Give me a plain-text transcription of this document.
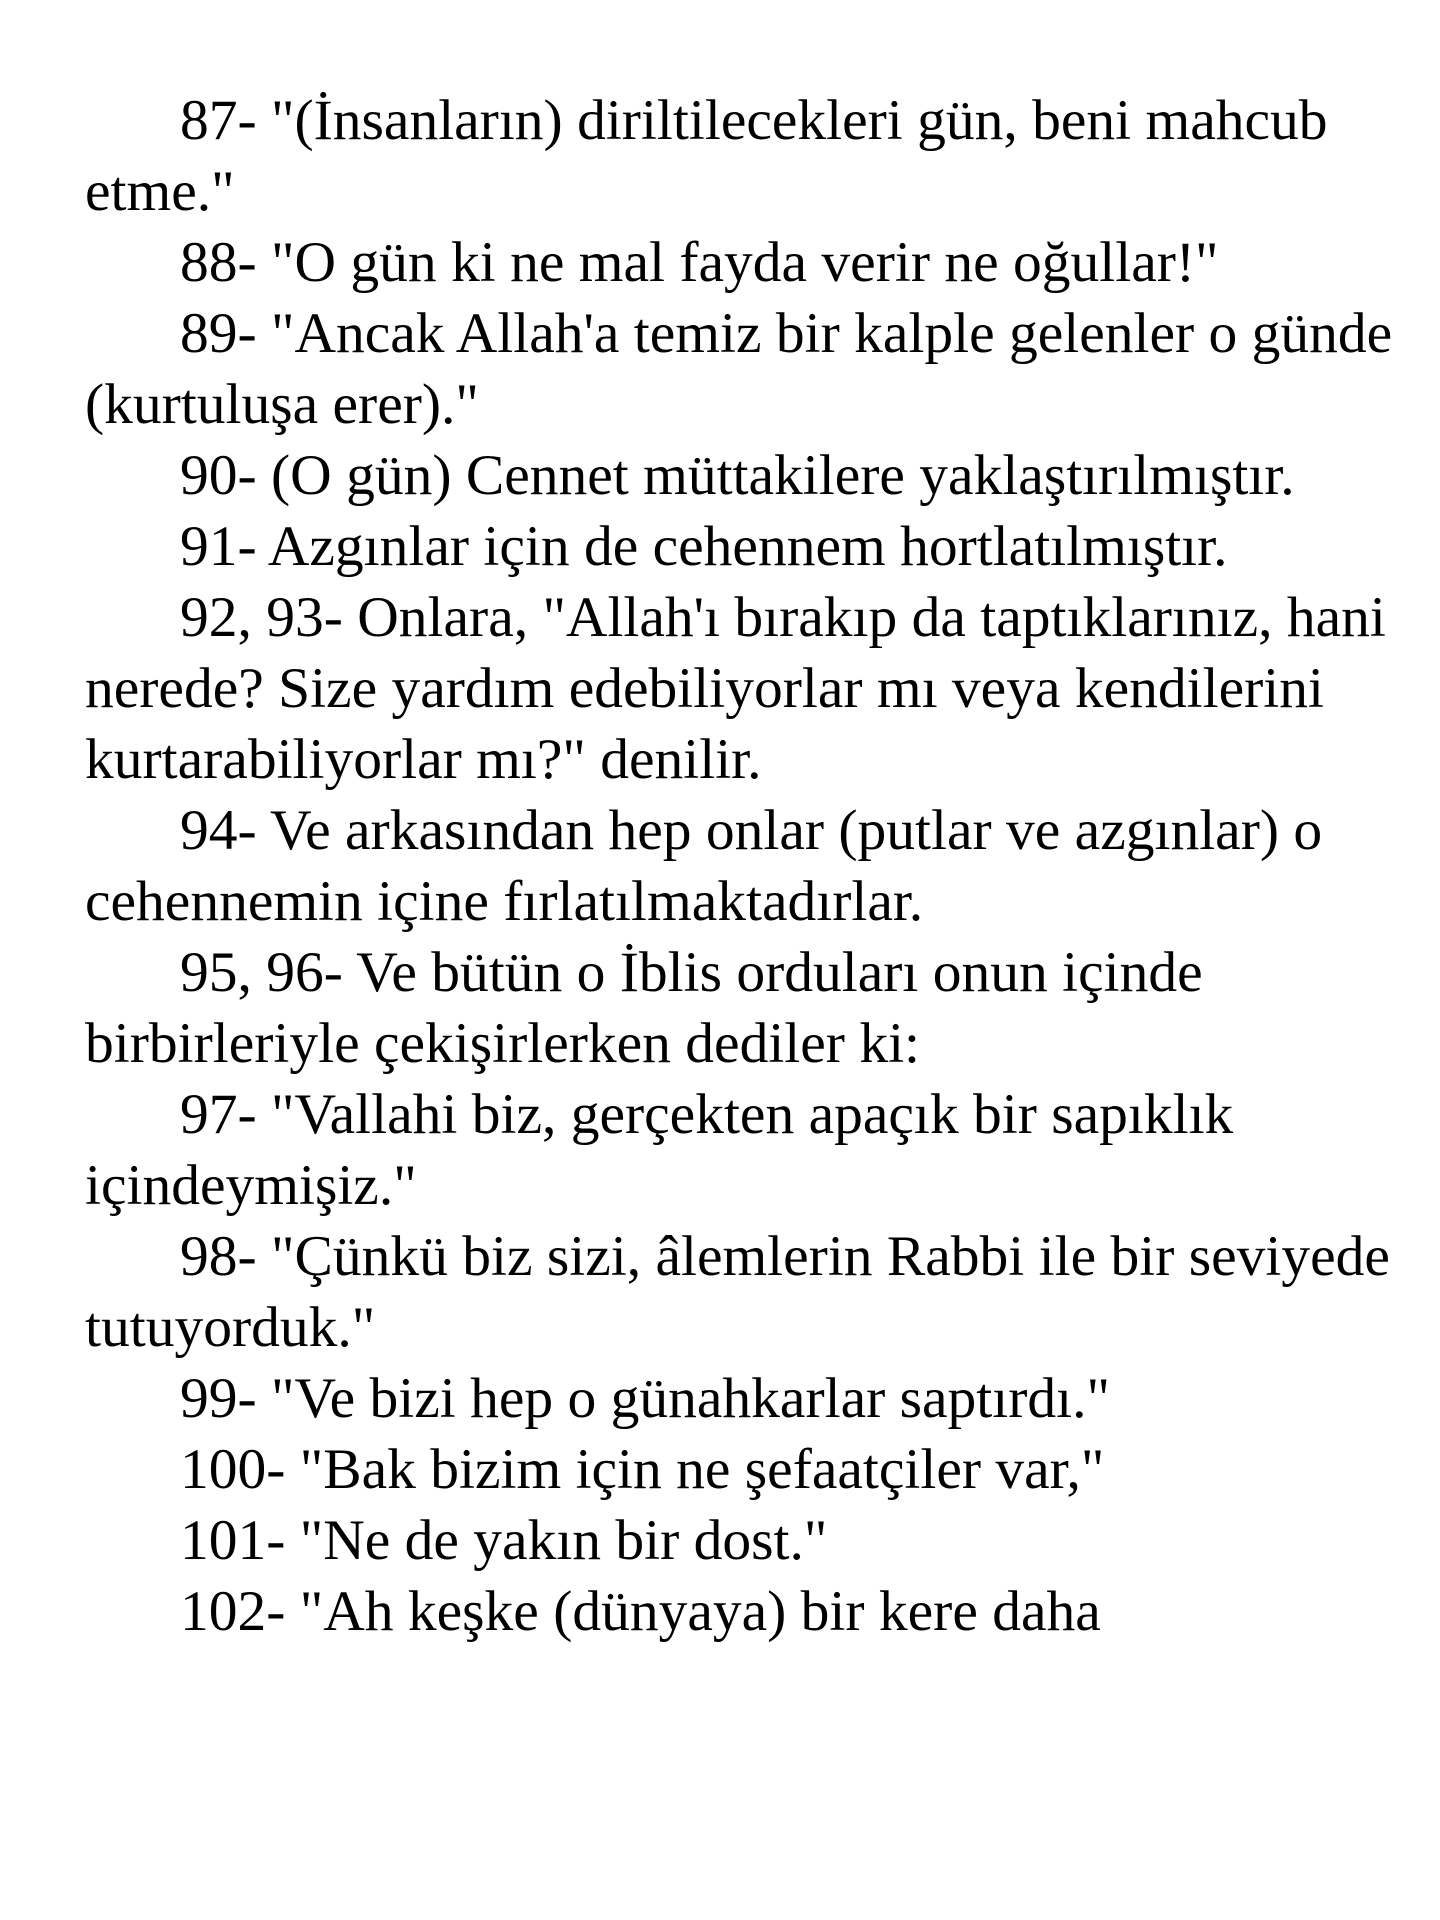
87- "(İnsanların) diriltilecekleri gün, beni mahcub etme."

88- "O gün ki ne mal fayda verir ne oğullar!"

89- "Ancak Allah'a temiz bir kalple gelenler o günde (kurtuluşa erer)."

90- (O gün) Cennet müttakilere yaklaştırılmıştır.

91- Azgınlar için de cehennem hortlatılmıştır.

92, 93- Onlara, "Allah'ı bırakıp da taptıklarınız, hani nerede? Size yardım edebiliyorlar mı veya kendilerini kurtarabiliyorlar mı?" denilir.

94- Ve arkasından hep onlar (putlar ve azgınlar) o cehennemin içine fırlatılmaktadırlar.

95, 96- Ve bütün o İblis orduları onun içinde birbirleriyle çekişirlerken dediler ki:

97- "Vallahi biz, gerçekten apaçık bir sapıklık içindeymişiz."

98- "Çünkü biz sizi, âlemlerin Rabbi ile bir seviyede tutuyorduk."

99- "Ve bizi hep o günahkarlar saptırdı."

100- "Bak bizim için ne şefaatçiler var,"

101- "Ne de yakın bir dost."

102- "Ah keşke (dünyaya) bir kere daha
